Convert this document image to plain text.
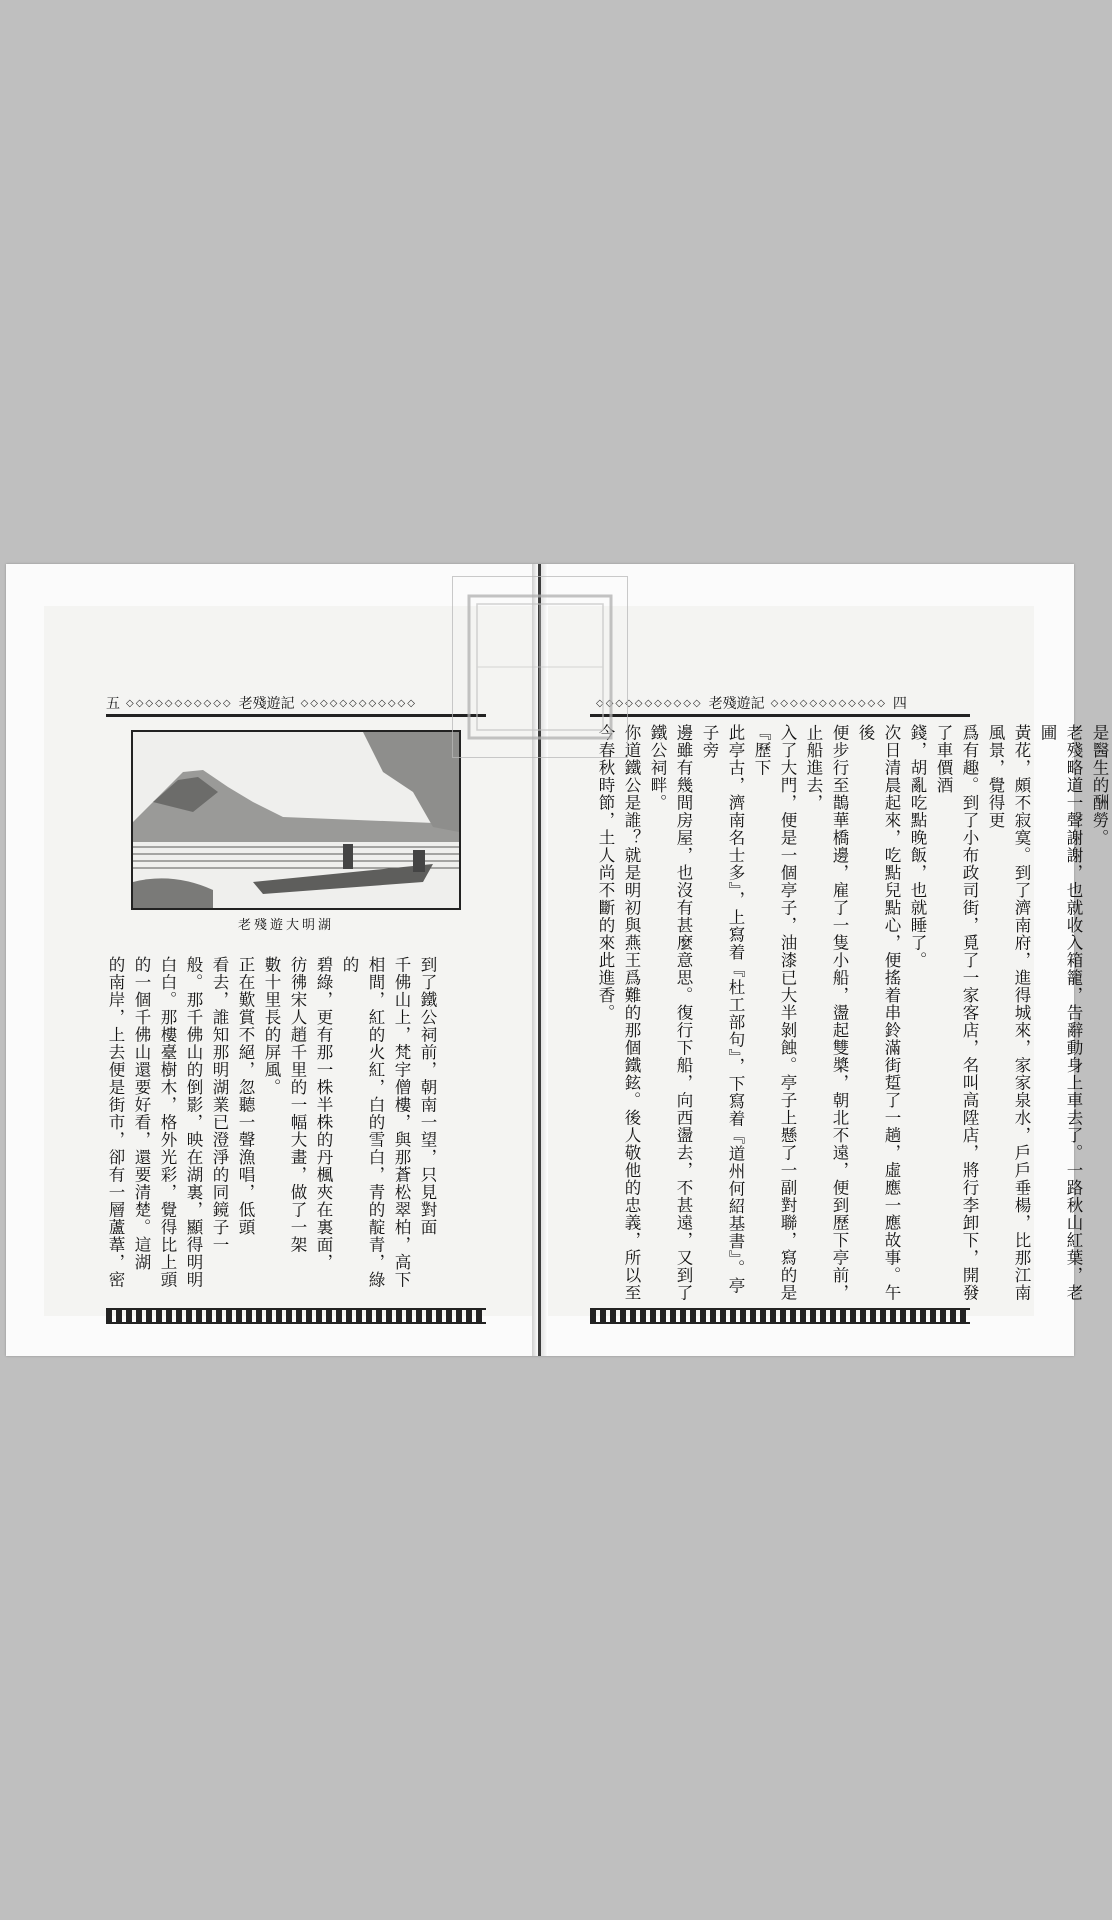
五 ◇◇◇◇◇◇◇◇◇◇◇ 老殘遊記 ◇◇◇◇◇◇◇◇◇◇◇◇
老殘遊大明湖
到了鐵公祠前，朝南一望，只見對面
千佛山上，梵宇僧樓，與那蒼松翠柏，高下
相間，紅的火紅，白的雪白，青的靛青，綠的
碧綠，更有那一株半株的丹楓夾在裏面，
彷彿宋人趙千里的一幅大畫，做了一架
數十里長的屏風。
正在歎賞不絕，忽聽一聲漁唱，低頭
看去，誰知那明湖業已澄淨的同鏡子一
般。那千佛山的倒影，映在湖裏，顯得明明
白白。那樓臺樹木，格外光彩，覺得比上頭
的一個千佛山還要好看，還要清楚。這湖
的南岸，上去便是街市，卻有一層蘆葦，密
◇◇◇◇◇◇◇◇◇◇◇ 老殘遊記 ◇◇◇◇◇◇◇◇◇◇◇◇ 四
是醫生的酬勞。
老殘略道一聲謝謝，也就收入箱籠，告辭動身上車去了。一路秋山紅葉，老圃
黃花，頗不寂寞。到了濟南府，進得城來，家家泉水，戶戶垂楊，比那江南風景，覺得更
爲有趣。到了小布政司街，覓了一家客店，名叫高陞店，將行李卸下，開發了車價酒
錢，胡亂吃點晚飯，也就睡了。
次日清晨起來，吃點兒點心，便搖着串鈴滿街踅了一趟，虛應一應故事。午後
便步行至鵲華橋邊，雇了一隻小船，盪起雙槳，朝北不遠，便到歷下亭前，止船進去，
入了大門，便是一個亭子，油漆已大半剝蝕。亭子上懸了一副對聯，寫的是『歷下
此亭古，濟南名士多』，上寫着『杜工部句』，下寫着『道州何紹基書』。亭子旁
邊雖有幾間房屋，也沒有甚麼意思。復行下船，向西盪去，不甚遠，又到了鐵公祠畔。
你道鐵公是誰？就是明初與燕王爲難的那個鐵鉉。後人敬他的忠義，所以至
今春秋時節，土人尚不斷的來此進香。
